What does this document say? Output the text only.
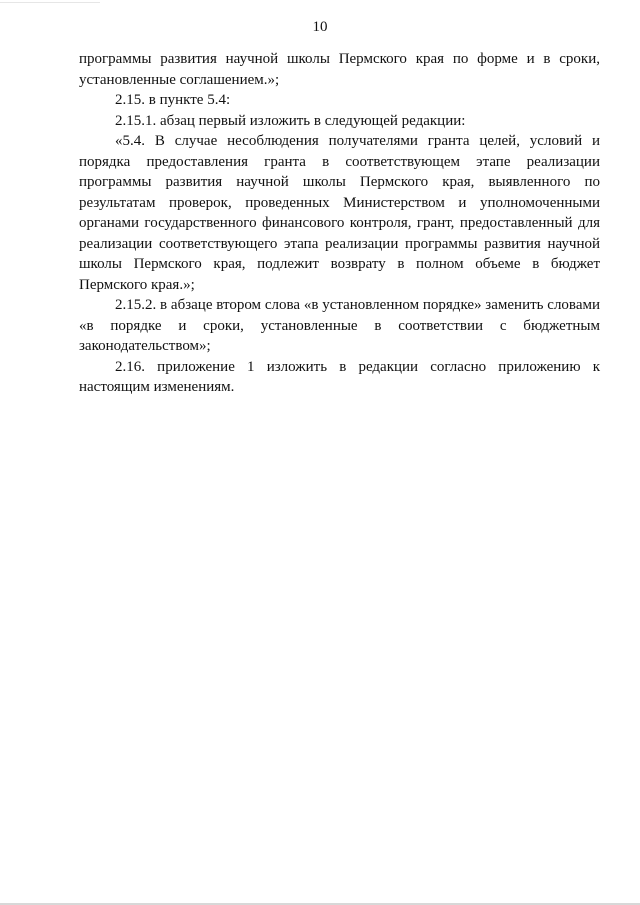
10

программы развития научной школы Пермского края по форме и в сроки, установленные соглашением.»;

2.15. в пункте 5.4:

2.15.1. абзац первый изложить в следующей редакции:

«5.4. В случае несоблюдения получателями гранта целей, условий и порядка предоставления гранта в соответствующем этапе реализации программы развития научной школы Пермского края, выявленного по результатам проверок, проведенных Министерством и уполномоченными органами государственного финансового контроля, грант, предоставленный для реализации соответствующего этапа реализации программы развития научной школы Пермского края, подлежит возврату в полном объеме в бюджет Пермского края.»;

2.15.2. в абзаце втором слова «в установленном порядке» заменить словами «в порядке и сроки, установленные в соответствии с бюджетным законодательством»;

2.16. приложение 1 изложить в редакции согласно приложению к настоящим изменениям.
